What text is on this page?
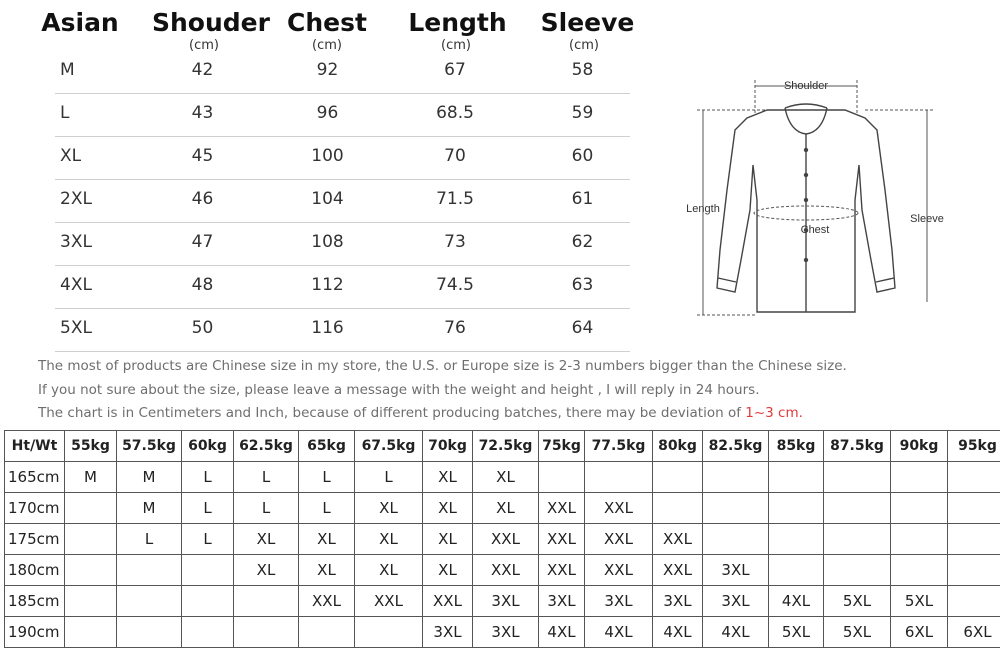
Asian Shouder Chest Length Sleeve
(cm)	(cm)	(cm)	(cm)
M	42	92	67	58
L	43	96	68.5	59
XL	45	100	70	60
2XL	46	104	71.5	61
3XL	47	108	73	62
4XL	48	112	74.5	63
5XL	50	116	76	64
Shoulder
Length
Chest
Sleeve
The most of products are Chinese size in my store, the U.S. or Europe size is 2-3 numbers bigger than the Chinese size.
If you not sure about the size, please leave a message with the weight and height , I will reply in 24 hours.
The chart is in Centimeters and Inch, because of different producing batches, there may be deviation of 1~3 cm.
Ht/Wt	55kg	57.5kg	60kg	62.5kg	65kg	67.5kg	70kg	72.5kg	75kg	77.5kg	80kg	82.5kg	85kg	87.5kg	90kg	95kg
165cm	M	M	L	L	L	L	XL	XL								
170cm		M	L	L	L	XL	XL	XL	XXL	XXL						
175cm		L	L	XL	XL	XL	XL	XXL	XXL	XXL	XXL					
180cm				XL	XL	XL	XL	XXL	XXL	XXL	XXL	3XL				
185cm					XXL	XXL	XXL	3XL	3XL	3XL	3XL	3XL	4XL	5XL	5XL	
190cm							3XL	3XL	4XL	4XL	4XL	4XL	5XL	5XL	6XL	6XL
